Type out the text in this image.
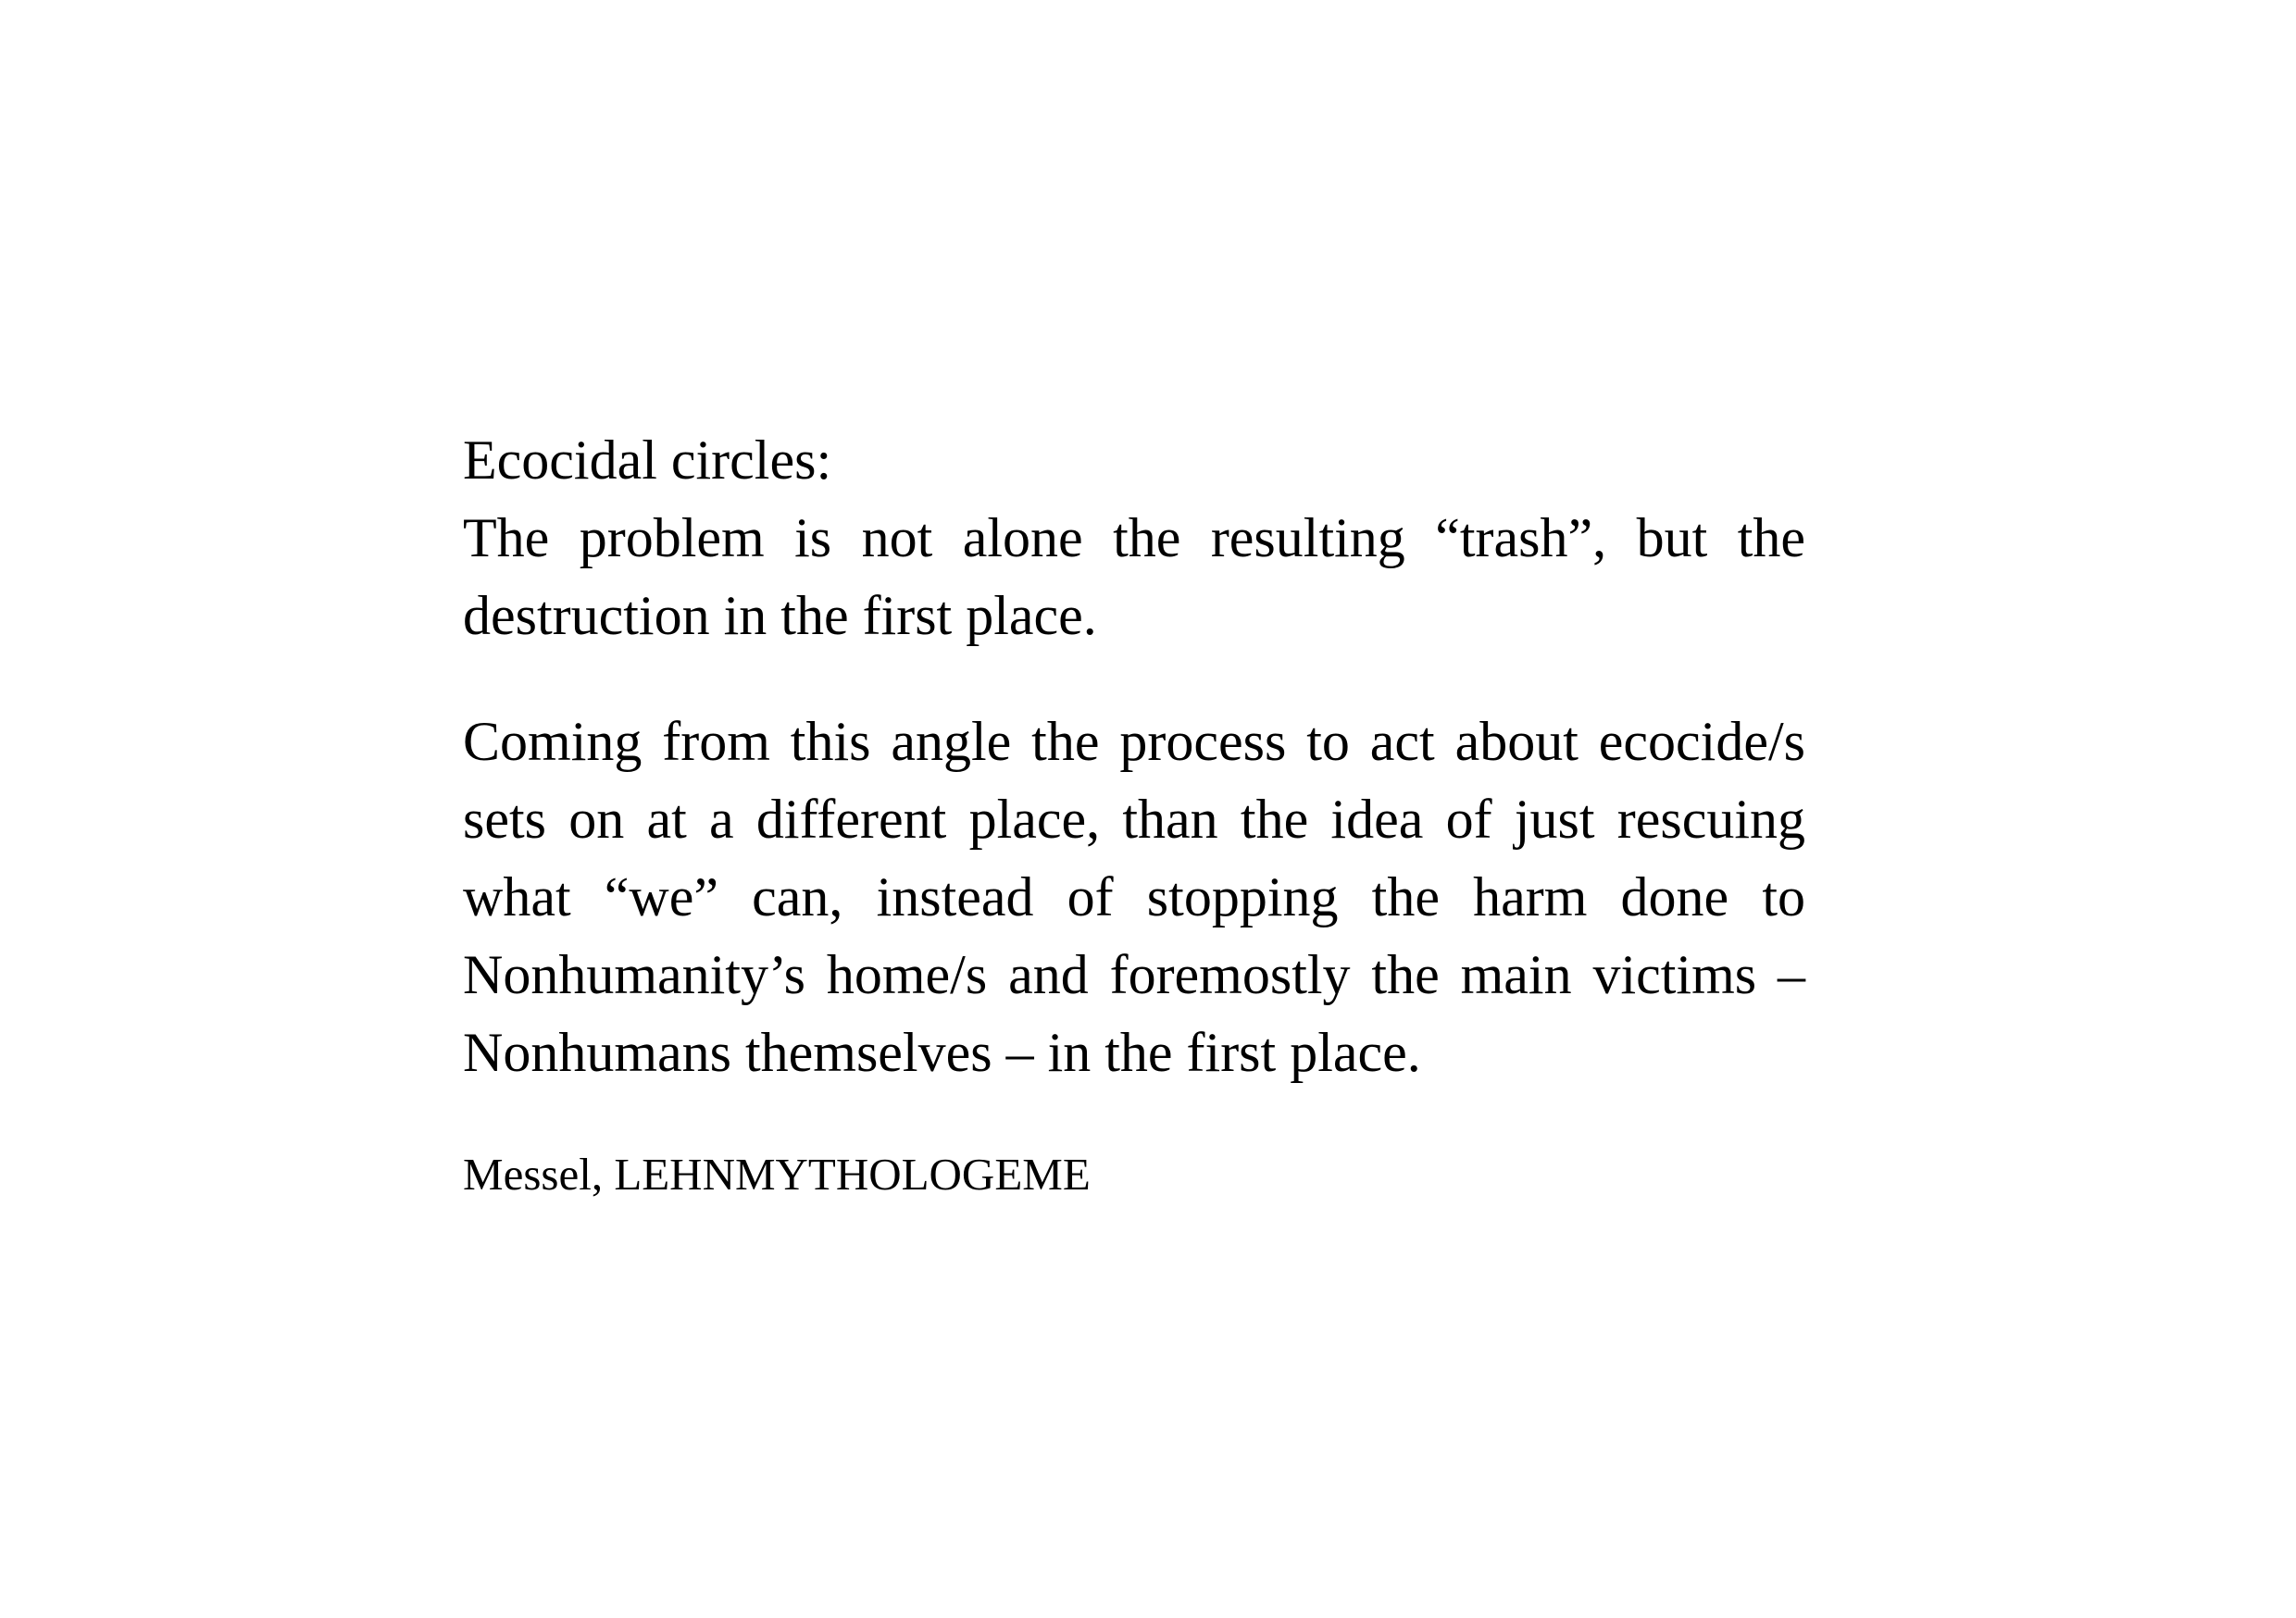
Ecocidal circles:

The problem is not alone the resulting “trash”, but the destruction in the first place.

Coming from this angle the process to act about ecocide/s sets on at a different place, than the idea of just rescuing what “we” can, instead of stopping the harm done to Nonhumanity’s home/s and foremostly the main victims – Nonhumans themselves – in the first place.

Messel, LEHNMYTHOLOGEME
